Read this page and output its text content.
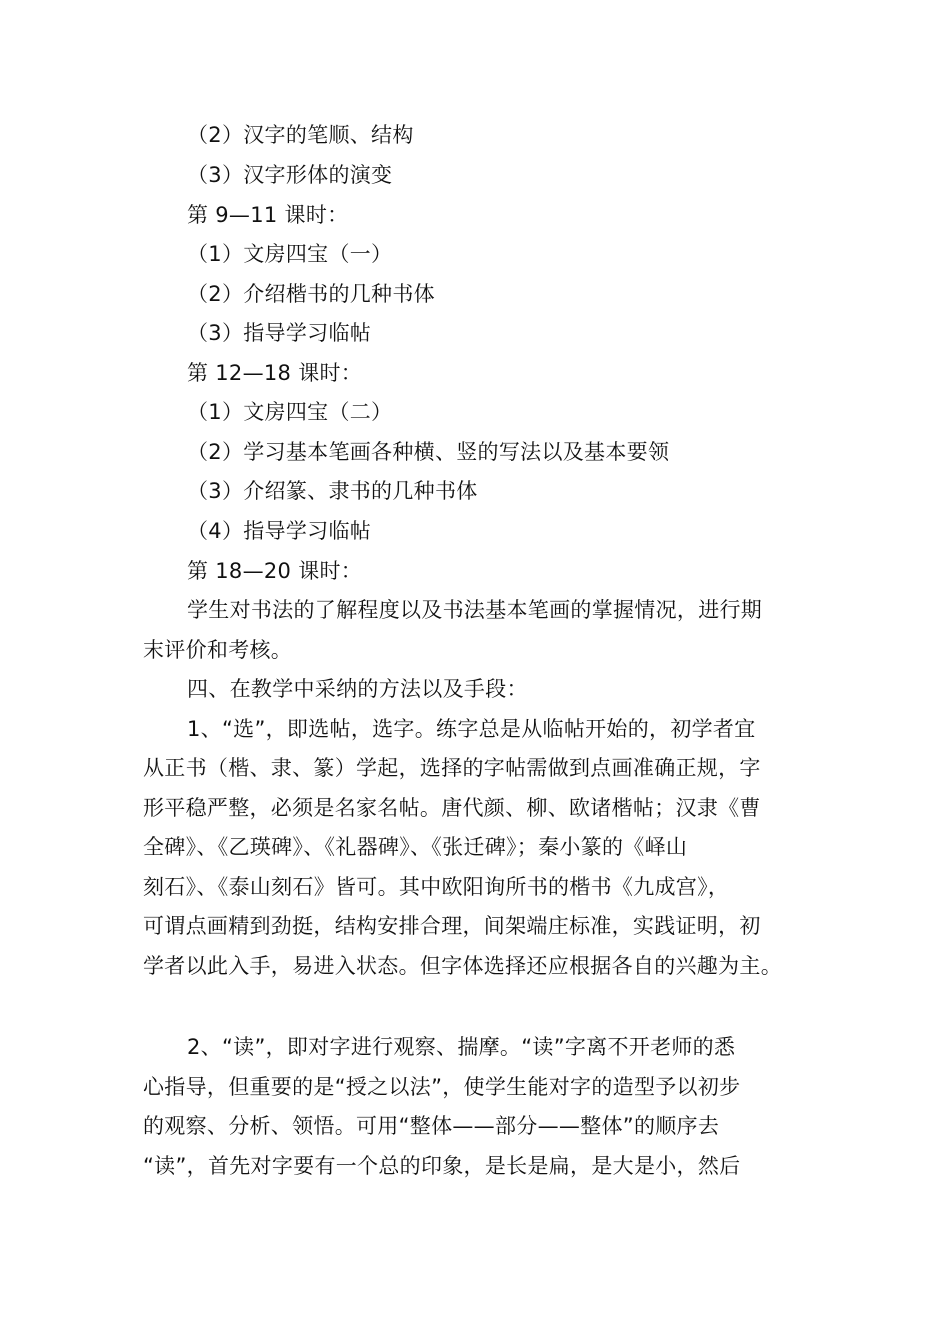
（2）汉字的笔顺、结构
（3）汉字形体的演变
第 9—11 课时：
（1）文房四宝（一）
（2）介绍楷书的几种书体
（3）指导学习临帖
第 12—18 课时：
（1）文房四宝（二）
（2）学习基本笔画各种横、竖的写法以及基本要领
（3）介绍篆、隶书的几种书体
（4）指导学习临帖
第 18—20 课时：
学生对书法的了解程度以及书法基本笔画的掌握情况，进行期
末评价和考核。
四、在教学中采纳的方法以及手段：
1、“选”，即选帖，选字。练字总是从临帖开始的，初学者宜
从正书（楷、隶、篆）学起，选择的字帖需做到点画准确正规，字
形平稳严整，必须是名家名帖。唐代颜、柳、欧诸楷帖；汉隶《曹
全碑》、《乙瑛碑》、《礼器碑》、《张迁碑》；秦小篆的《峄山
刻石》、《泰山刻石》皆可。其中欧阳询所书的楷书《九成宫》，
可谓点画精到劲挺，结构安排合理，间架端庄标准，实践证明，初
学者以此入手，易进入状态。但字体选择还应根据各自的兴趣为主。
2、“读”，即对字进行观察、揣摩。“读”字离不开老师的悉
心指导，但重要的是“授之以法”，使学生能对字的造型予以初步
的观察、分析、领悟。可用“整体——部分——整体”的顺序去
“读”，首先对字要有一个总的印象，是长是扁，是大是小，然后
